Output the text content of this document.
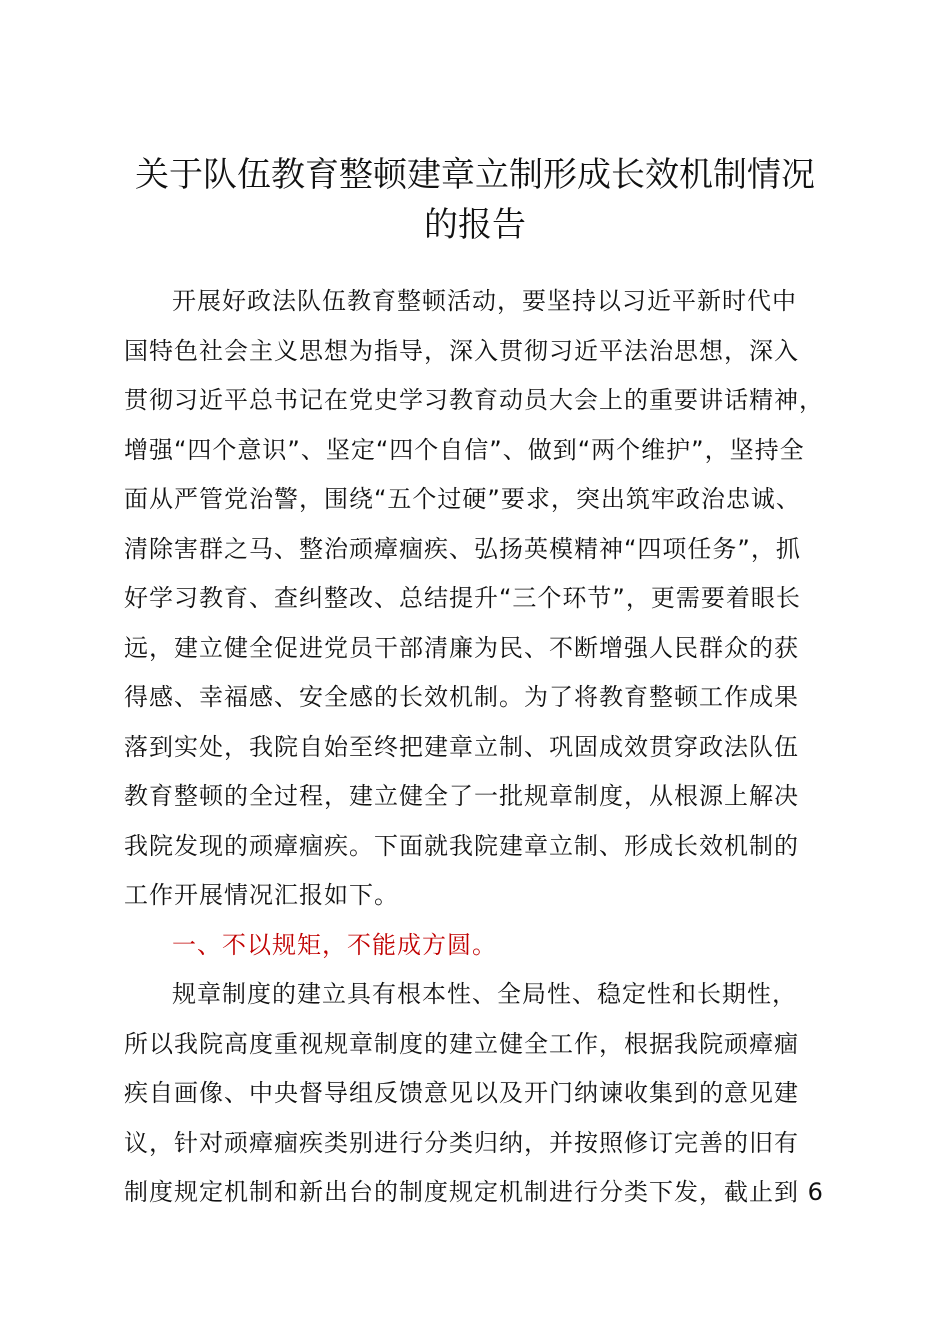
关于队伍教育整顿建章立制形成长效机制情况
的报告
开展好政法队伍教育整顿活动，要坚持以习近平新时代中
国特色社会主义思想为指导，深入贯彻习近平法治思想，深入
贯彻习近平总书记在党史学习教育动员大会上的重要讲话精神，
增强“四个意识”、坚定“四个自信”、做到“两个维护”，坚持全
面从严管党治警，围绕“五个过硬”要求，突出筑牢政治忠诚、
清除害群之马、整治顽瘴痼疾、弘扬英模精神“四项任务”，抓
好学习教育、查纠整改、总结提升“三个环节”，更需要着眼长
远，建立健全促进党员干部清廉为民、不断增强人民群众的获
得感、幸福感、安全感的长效机制。为了将教育整顿工作成果
落到实处，我院自始至终把建章立制、巩固成效贯穿政法队伍
教育整顿的全过程，建立健全了一批规章制度，从根源上解决
我院发现的顽瘴痼疾。下面就我院建章立制、形成长效机制的
工作开展情况汇报如下。
一、不以规矩，不能成方圆。
规章制度的建立具有根本性、全局性、稳定性和长期性，
所以我院高度重视规章制度的建立健全工作，根据我院顽瘴痼
疾自画像、中央督导组反馈意见以及开门纳谏收集到的意见建
议，针对顽瘴痼疾类别进行分类归纳，并按照修订完善的旧有
制度规定机制和新出台的制度规定机制进行分类下发，截止到 6
